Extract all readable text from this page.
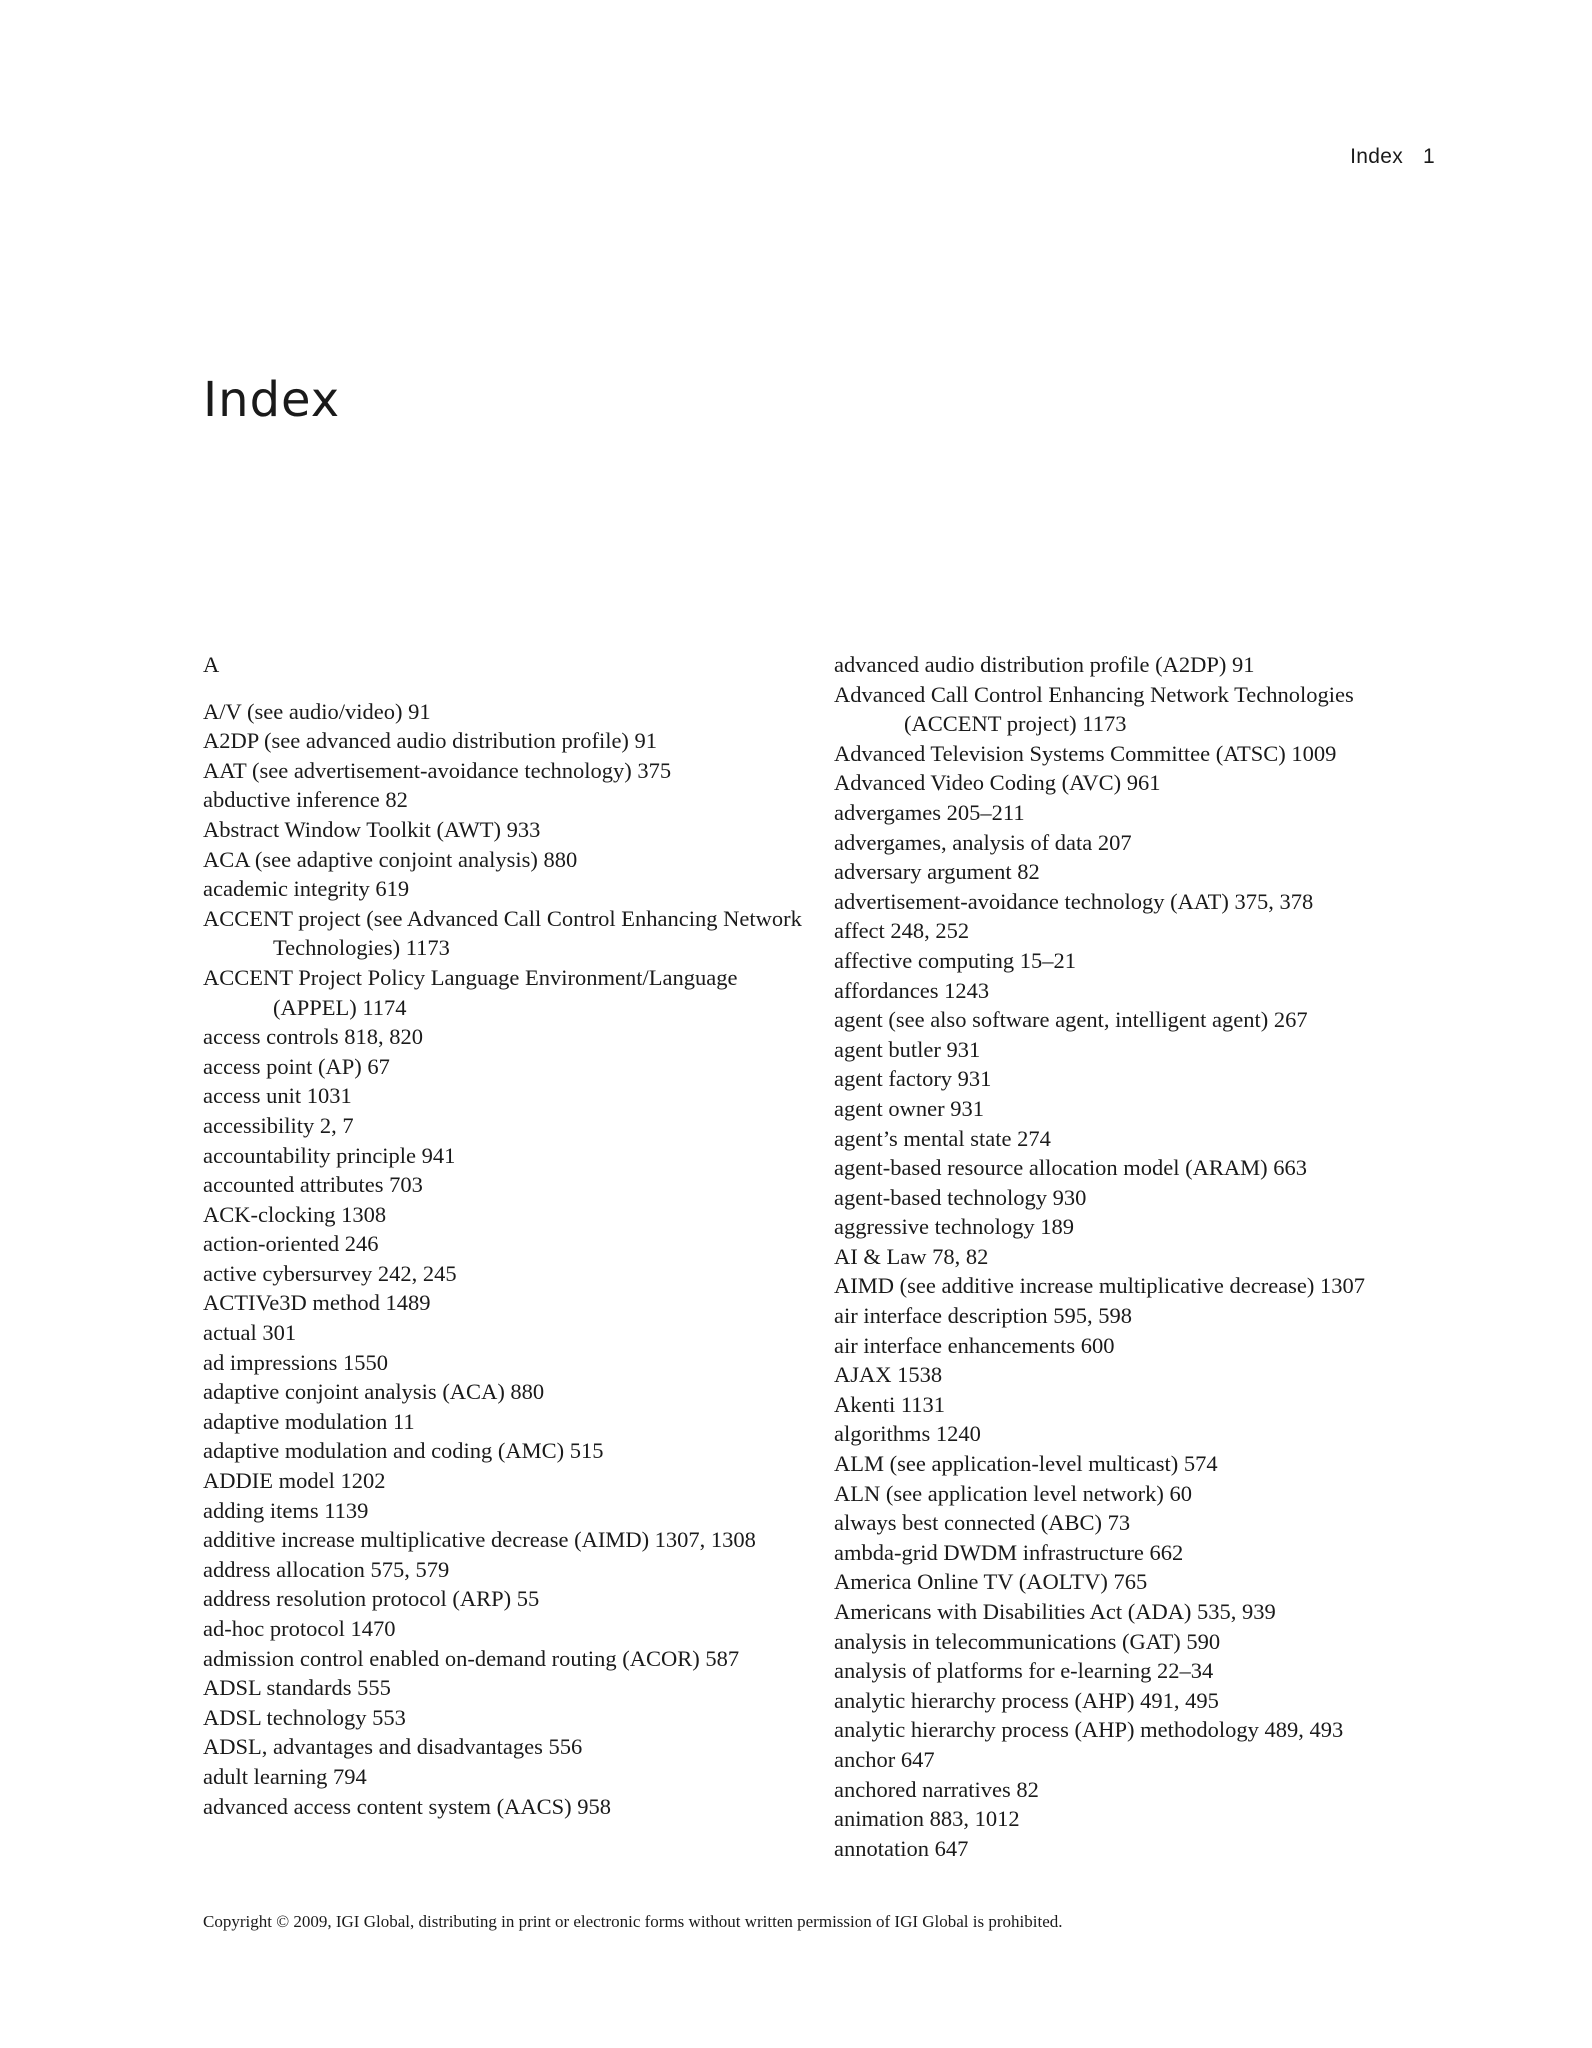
Index 1
Index
A
A/V (see audio/video) 91
A2DP (see advanced audio distribution profile) 91
AAT (see advertisement-avoidance technology) 375
abductive inference 82
Abstract Window Toolkit (AWT) 933
ACA (see adaptive conjoint analysis) 880
academic integrity 619
ACCENT project (see Advanced Call Control Enhancing Network Technologies) 1173
ACCENT Project Policy Language Environment/Language (APPEL) 1174
access controls 818, 820
access point (AP) 67
access unit 1031
accessibility 2, 7
accountability principle 941
accounted attributes 703
ACK-clocking 1308
action-oriented 246
active cybersurvey 242, 245
ACTIVe3D method 1489
actual 301
ad impressions 1550
adaptive conjoint analysis (ACA) 880
adaptive modulation 11
adaptive modulation and coding (AMC) 515
ADDIE model 1202
adding items 1139
additive increase multiplicative decrease (AIMD) 1307, 1308
address allocation 575, 579
address resolution protocol (ARP) 55
ad-hoc protocol 1470
admission control enabled on-demand routing (ACOR) 587
ADSL standards 555
ADSL technology 553
ADSL, advantages and disadvantages 556
adult learning 794
advanced access content system (AACS) 958
advanced audio distribution profile (A2DP) 91
Advanced Call Control Enhancing Network Technologies (ACCENT project) 1173
Advanced Television Systems Committee (ATSC) 1009
Advanced Video Coding (AVC) 961
advergames 205–211
advergames, analysis of data 207
adversary argument 82
advertisement-avoidance technology (AAT) 375, 378
affect 248, 252
affective computing 15–21
affordances 1243
agent (see also software agent, intelligent agent) 267
agent butler 931
agent factory 931
agent owner 931
agent’s mental state 274
agent-based resource allocation model (ARAM) 663
agent-based technology 930
aggressive technology 189
AI & Law 78, 82
AIMD (see additive increase multiplicative decrease) 1307
air interface description 595, 598
air interface enhancements 600
AJAX 1538
Akenti 1131
algorithms 1240
ALM (see application-level multicast) 574
ALN (see application level network) 60
always best connected (ABC) 73
ambda-grid DWDM infrastructure 662
America Online TV (AOLTV) 765
Americans with Disabilities Act (ADA) 535, 939
analysis in telecommunications (GAT) 590
analysis of platforms for e-learning 22–34
analytic hierarchy process (AHP) 491, 495
analytic hierarchy process (AHP) methodology 489, 493
anchor 647
anchored narratives 82
animation 883, 1012
annotation 647
Copyright © 2009, IGI Global, distributing in print or electronic forms without written permission of IGI Global is prohibited.
